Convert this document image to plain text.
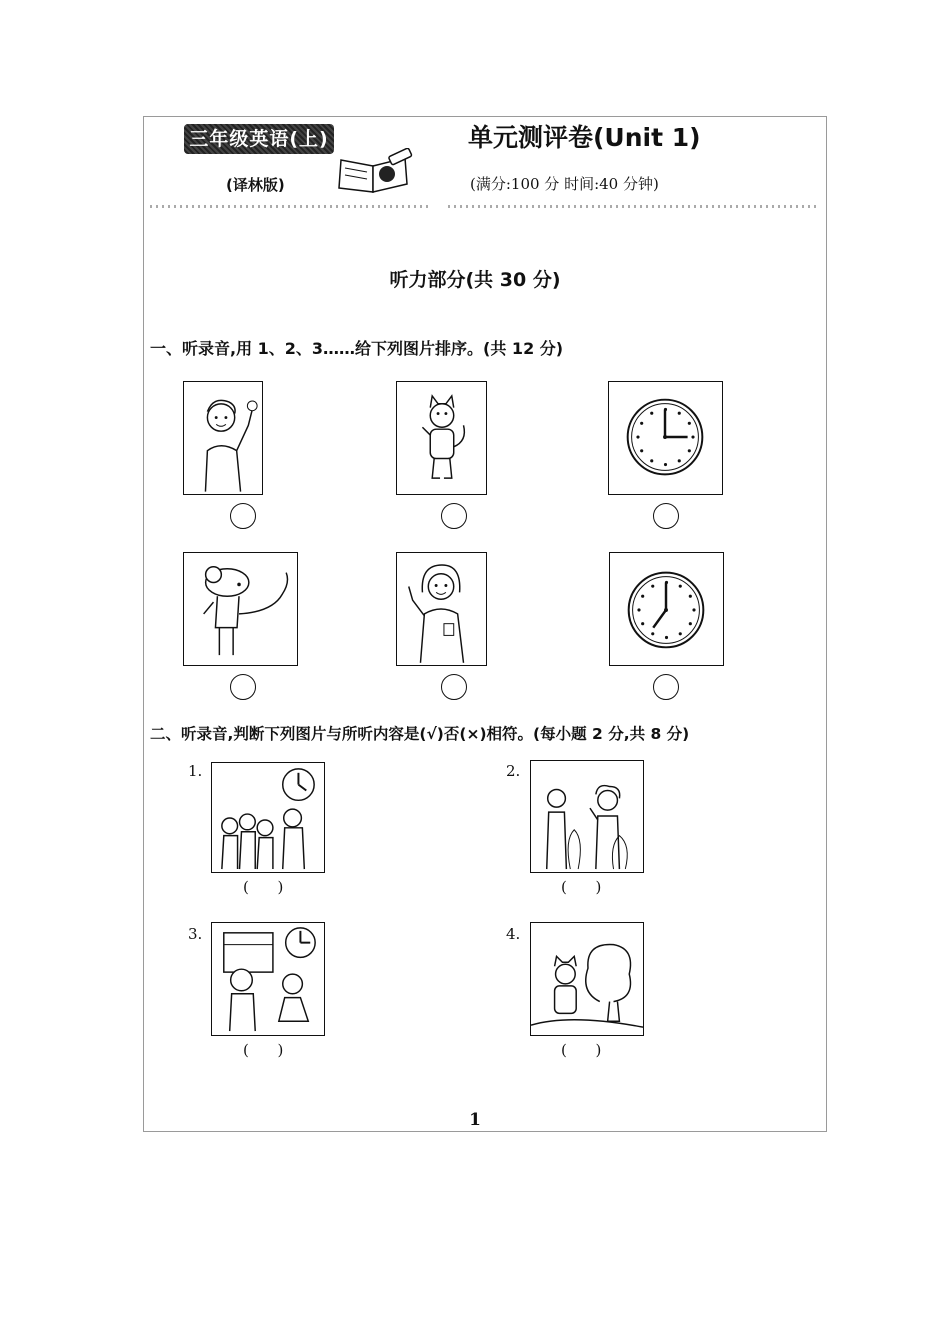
三年级英语(上)
(译林版)
单元测评卷(Unit 1)
(满分:100 分 时间:40 分钟)
听力部分(共 30 分)
一、听录音,用 1、2、3……给下列图片排序。(共 12 分)
二、听录音,判断下列图片与所听内容是(√)否(×)相符。(每小题 2 分,共 8 分)
1.
(      )
2.
(      )
3.
(      )
4.
(      )
1
